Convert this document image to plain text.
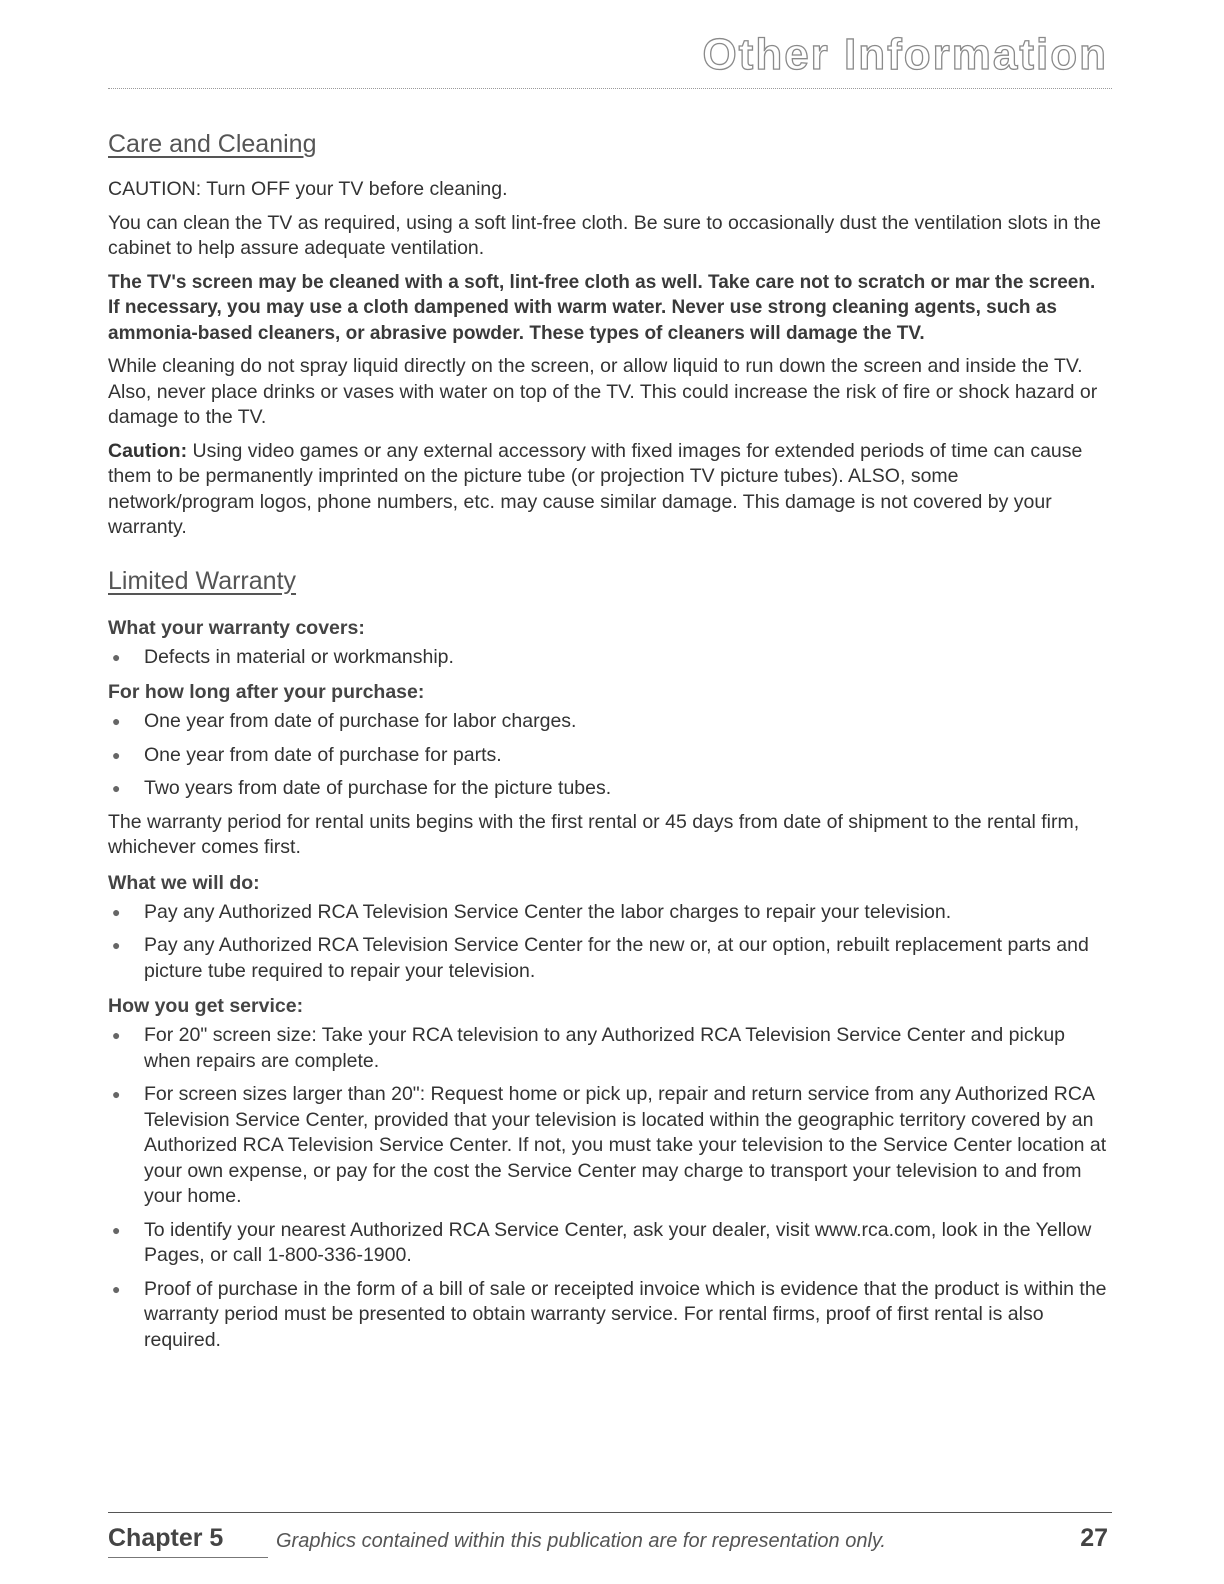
Other Information
Care and Cleaning

CAUTION: Turn OFF your TV before cleaning.

You can clean the TV as required, using a soft lint-free cloth. Be sure to occasionally dust the ventilation slots in the cabinet to help assure adequate ventilation.

The TV's screen may be cleaned with a soft, lint-free cloth as well. Take care not to scratch or mar the screen. If necessary, you may use a cloth dampened with warm water. Never use strong cleaning agents, such as ammonia-based cleaners, or abrasive powder. These types of cleaners will damage the TV.

While cleaning do not spray liquid directly on the screen, or allow liquid to run down the screen and inside the TV. Also, never place drinks or vases with water on top of the TV. This could increase the risk of fire or shock hazard or damage to the TV.

Caution: Using video games or any external accessory with fixed images for extended periods of time can cause them to be permanently imprinted on the picture tube (or projection TV picture tubes). ALSO, some network/program logos, phone numbers, etc. may cause similar damage. This damage is not covered by your warranty.

Limited Warranty
What your warranty covers:
● Defects in material or workmanship.
For how long after your purchase:
● One year from date of purchase for labor charges.
● One year from date of purchase for parts.
● Two years from date of purchase for the picture tubes.

The warranty period for rental units begins with the first rental or 45 days from date of shipment to the rental firm, whichever comes first.

What we will do:
● Pay any Authorized RCA Television Service Center the labor charges to repair your television.
● Pay any Authorized RCA Television Service Center for the new or, at our option, rebuilt replacement parts and picture tube required to repair your television.
How you get service:
● For 20" screen size: Take your RCA television to any Authorized RCA Television Service Center and pickup when repairs are complete.
● For screen sizes larger than 20": Request home or pick up, repair and return service from any Authorized RCA Television Service Center, provided that your television is located within the geographic territory covered by an Authorized RCA Television Service Center. If not, you must take your television to the Service Center location at your own expense, or pay for the cost the Service Center may charge to transport your television to and from your home.
● To identify your nearest Authorized RCA Service Center, ask your dealer, visit www.rca.com, look in the Yellow Pages, or call 1-800-336-1900.
● Proof of purchase in the form of a bill of sale or receipted invoice which is evidence that the product is within the warranty period must be presented to obtain warranty service. For rental firms, proof of first rental is also required.
Chapter 5	Graphics contained within this publication are for representation only.	27
